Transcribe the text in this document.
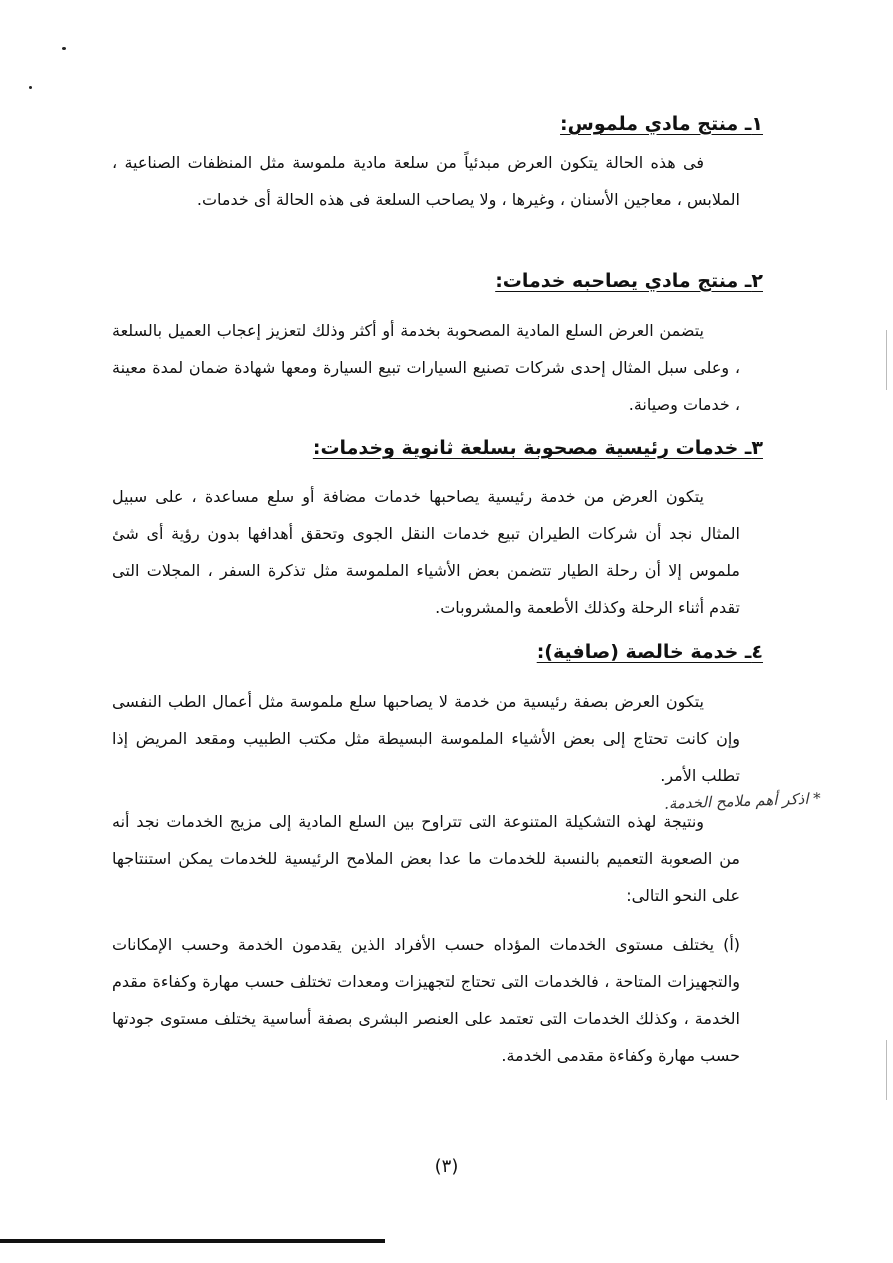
١ـ منتج مادي ملموس:
فى هذه الحالة يتكون العرض مبدئياً من سلعة مادية ملموسة مثل المنظفات الصناعية ، الملابس ، معاجين الأسنان ، وغيرها ، ولا يصاحب السلعة فى هذه الحالة أى خدمات.
٢ـ منتج مادي يصاحبه خدمات:
يتضمن العرض السلع المادية المصحوبة بخدمة أو أكثر وذلك لتعزيز إعجاب العميل بالسلعة ، وعلى سبل المثال إحدى شركات تصنيع السيارات تبيع السيارة ومعها شهادة ضمان لمدة معينة ، خدمات وصيانة.
٣ـ خدمات رئيسية مصحوبة بسلعة ثانوية وخدمات:
يتكون العرض من خدمة رئيسية يصاحبها خدمات مضافة أو سلع مساعدة ، على سبيل المثال نجد أن شركات الطيران تبيع خدمات النقل الجوى وتحقق أهدافها بدون رؤية أى شئ ملموس إلا أن رحلة الطيار تتضمن بعض الأشياء الملموسة مثل تذكرة السفر ، المجلات التى تقدم أثناء الرحلة وكذلك الأطعمة والمشروبات.
٤ـ خدمة خالصة (صافية):
يتكون العرض بصفة رئيسية من خدمة لا يصاحبها سلع ملموسة مثل أعمال الطب النفسى وإن كانت تحتاج إلى بعض الأشياء الملموسة البسيطة مثل مكتب الطبيب ومقعد المريض إذا تطلب الأمر.
* اذكر أهم ملامح الخدمة.
ونتيجة لهذه التشكيلة المتنوعة التى تتراوح بين السلع المادية إلى مزيج الخدمات نجد أنه من الصعوبة التعميم بالنسبة للخدمات ما عدا بعض الملامح الرئيسية للخدمات يمكن استنتاجها على النحو التالى:
(أ) يختلف مستوى الخدمات المؤداه حسب الأفراد الذين يقدمون الخدمة وحسب الإمكانات والتجهيزات المتاحة ، فالخدمات التى تحتاج لتجهيزات ومعدات تختلف حسب مهارة وكفاءة مقدم الخدمة ، وكذلك الخدمات التى تعتمد على العنصر البشرى بصفة أساسية يختلف مستوى جودتها حسب مهارة وكفاءة مقدمى الخدمة.
(٣)
